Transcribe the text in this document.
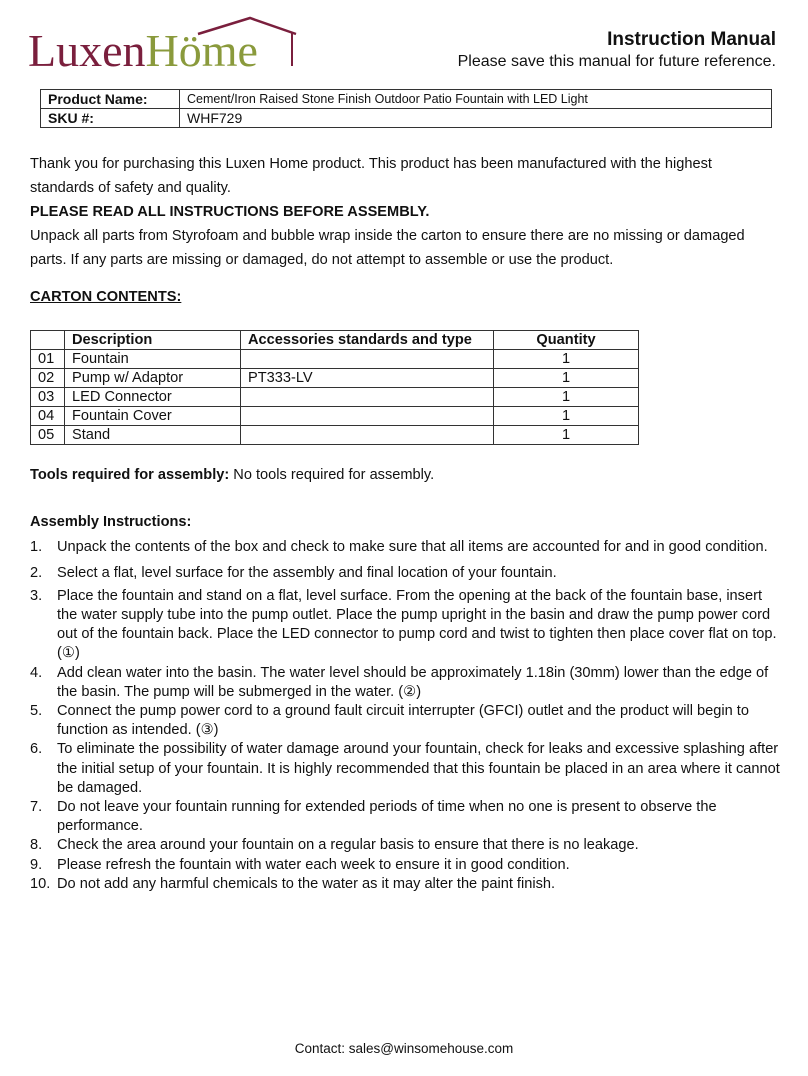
LuxenHöme	Instruction Manual
Please save this manual for future reference.
Product Name:	Cement/Iron Raised Stone Finish Outdoor Patio Fountain with LED Light
SKU #:	WHF729

Thank you for purchasing this Luxen Home product. This product has been manufactured with the highest standards of safety and quality.

PLEASE READ ALL INSTRUCTIONS BEFORE ASSEMBLY.

Unpack all parts from Styrofoam and bubble wrap inside the carton to ensure there are no missing or damaged parts. If any parts are missing or damaged, do not attempt to assemble or use the product.

CARTON CONTENTS:

	Description	Accessories standards and type	Quantity
01	Fountain		1
02	Pump w/ Adaptor	PT333-LV	1
03	LED Connector		1
04	Fountain Cover		1
05	Stand		1

Tools required for assembly: No tools required for assembly.

Assembly Instructions:

1. Unpack the contents of the box and check to make sure that all items are accounted for and in good condition.
2. Select a flat, level surface for the assembly and final location of your fountain.
3. Place the fountain and stand on a flat, level surface. From the opening at the back of the fountain base, insert the water supply tube into the pump outlet. Place the pump upright in the basin and draw the pump power cord out of the fountain back. Place the LED connector to pump cord and twist to tighten then place cover flat on top. (①)
4. Add clean water into the basin. The water level should be approximately 1.18in (30mm) lower than the edge of the basin. The pump will be submerged in the water. (②)
5. Connect the pump power cord to a ground fault circuit interrupter (GFCI) outlet and the product will begin to function as intended. (③)
6. To eliminate the possibility of water damage around your fountain, check for leaks and excessive splashing after the initial setup of your fountain. It is highly recommended that this fountain be placed in an area where it cannot be damaged.
7. Do not leave your fountain running for extended periods of time when no one is present to observe the performance.
8. Check the area around your fountain on a regular basis to ensure that there is no leakage.
9. Please refresh the fountain with water each week to ensure it in good condition.
10. Do not add any harmful chemicals to the water as it may alter the paint finish.
Contact: sales@winsomehouse.com
